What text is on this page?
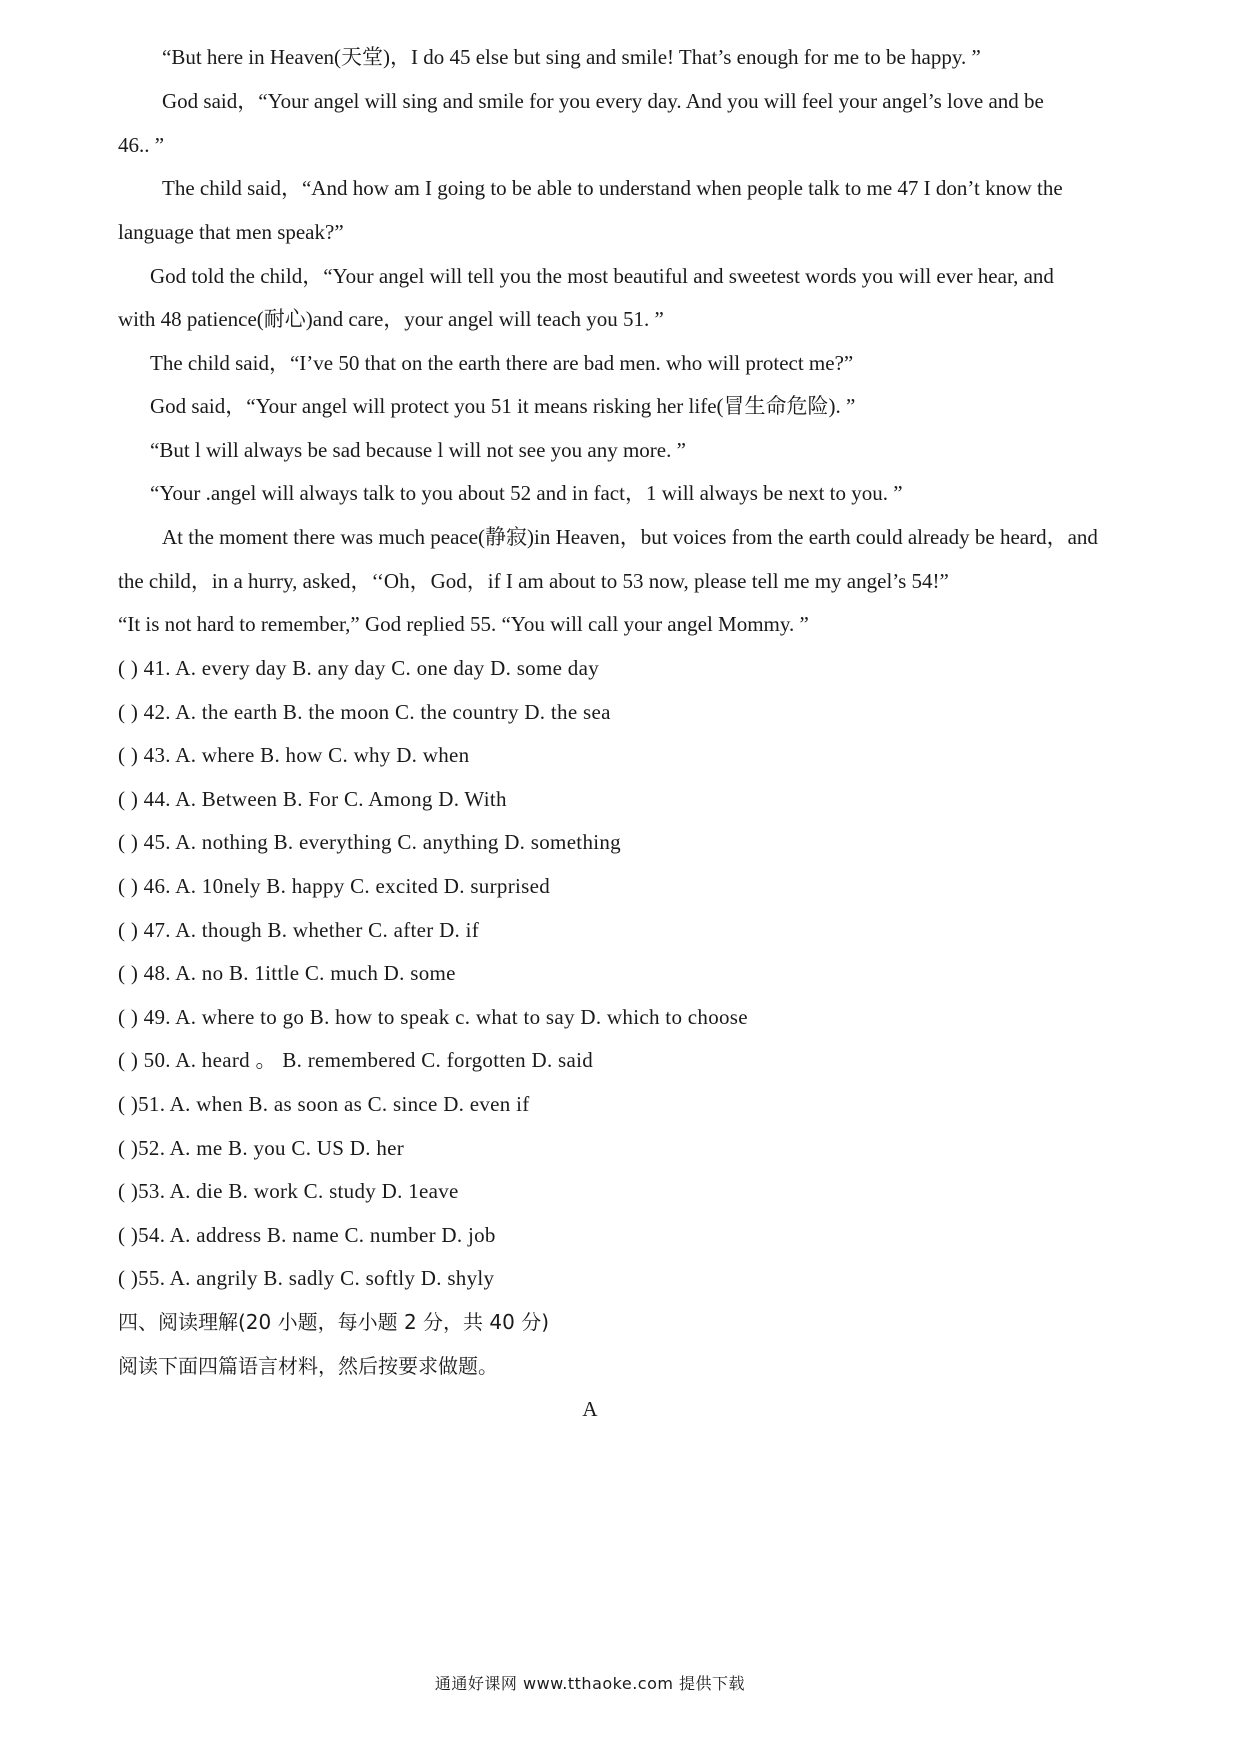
“But here in Heaven(天堂)，I do 45 else but sing and smile! That’s enough for me to be happy. ”
God said，“Your angel will sing and smile for you every day. And you will feel your angel’s love and be
46.. ”
The child said，“And how am I going to be able to understand when people talk to me 47 I don’t know the
language that men speak?”
God told the child，“Your angel will tell you the most beautiful and sweetest words you will ever hear, and
with 48 patience(耐心)and care，your angel will teach you 51. ”
The child said，“I’ve 50 that on the earth there are bad men. who will protect me?”
God said，“Your angel will protect you 51 it means risking her life(冒生命危险). ”
“But l will always be sad because l will not see you any more. ”
“Your .angel will always talk to you about 52 and in fact，1 will always be next to you. ”
At the moment there was much peace(静寂)in Heaven，but voices from the earth could already be heard，and
the child，in a hurry, asked，‘‘Oh，God，if I am about to 53 now, please tell me my angel’s 54!”
“It is not hard to remember,” God replied 55. “You will call your angel Mommy. ”
( ) 41. A. every day B. any day C. one day D. some day
( ) 42. A. the earth B. the moon C. the country D. the sea
( ) 43. A. where B. how C. why D. when
( ) 44. A. Between B. For C. Among D. With
( ) 45. A. nothing B. everything C. anything D. something
( ) 46. A. 10nely B. happy C. excited D. surprised
( ) 47. A. though B. whether C. after D. if
( ) 48. A. no B. 1ittle C. much D. some
( ) 49. A. where to go B. how to speak c. what to say D. which to choose
( ) 50. A. heard 。 B. remembered C. forgotten D. said
( )51. A. when B. as soon as C. since D. even if
( )52. A. me B. you C. US D. her
( )53. A. die B. work C. study D. 1eave
( )54. A. address B. name C. number D. job
( )55. A. angrily B. sadly C. softly D. shyly
四、阅读理解(20 小题，每小题 2 分，共 40 分)
阅读下面四篇语言材料，然后按要求做题。
A
通通好课网 www.tthaoke.com 提供下载
